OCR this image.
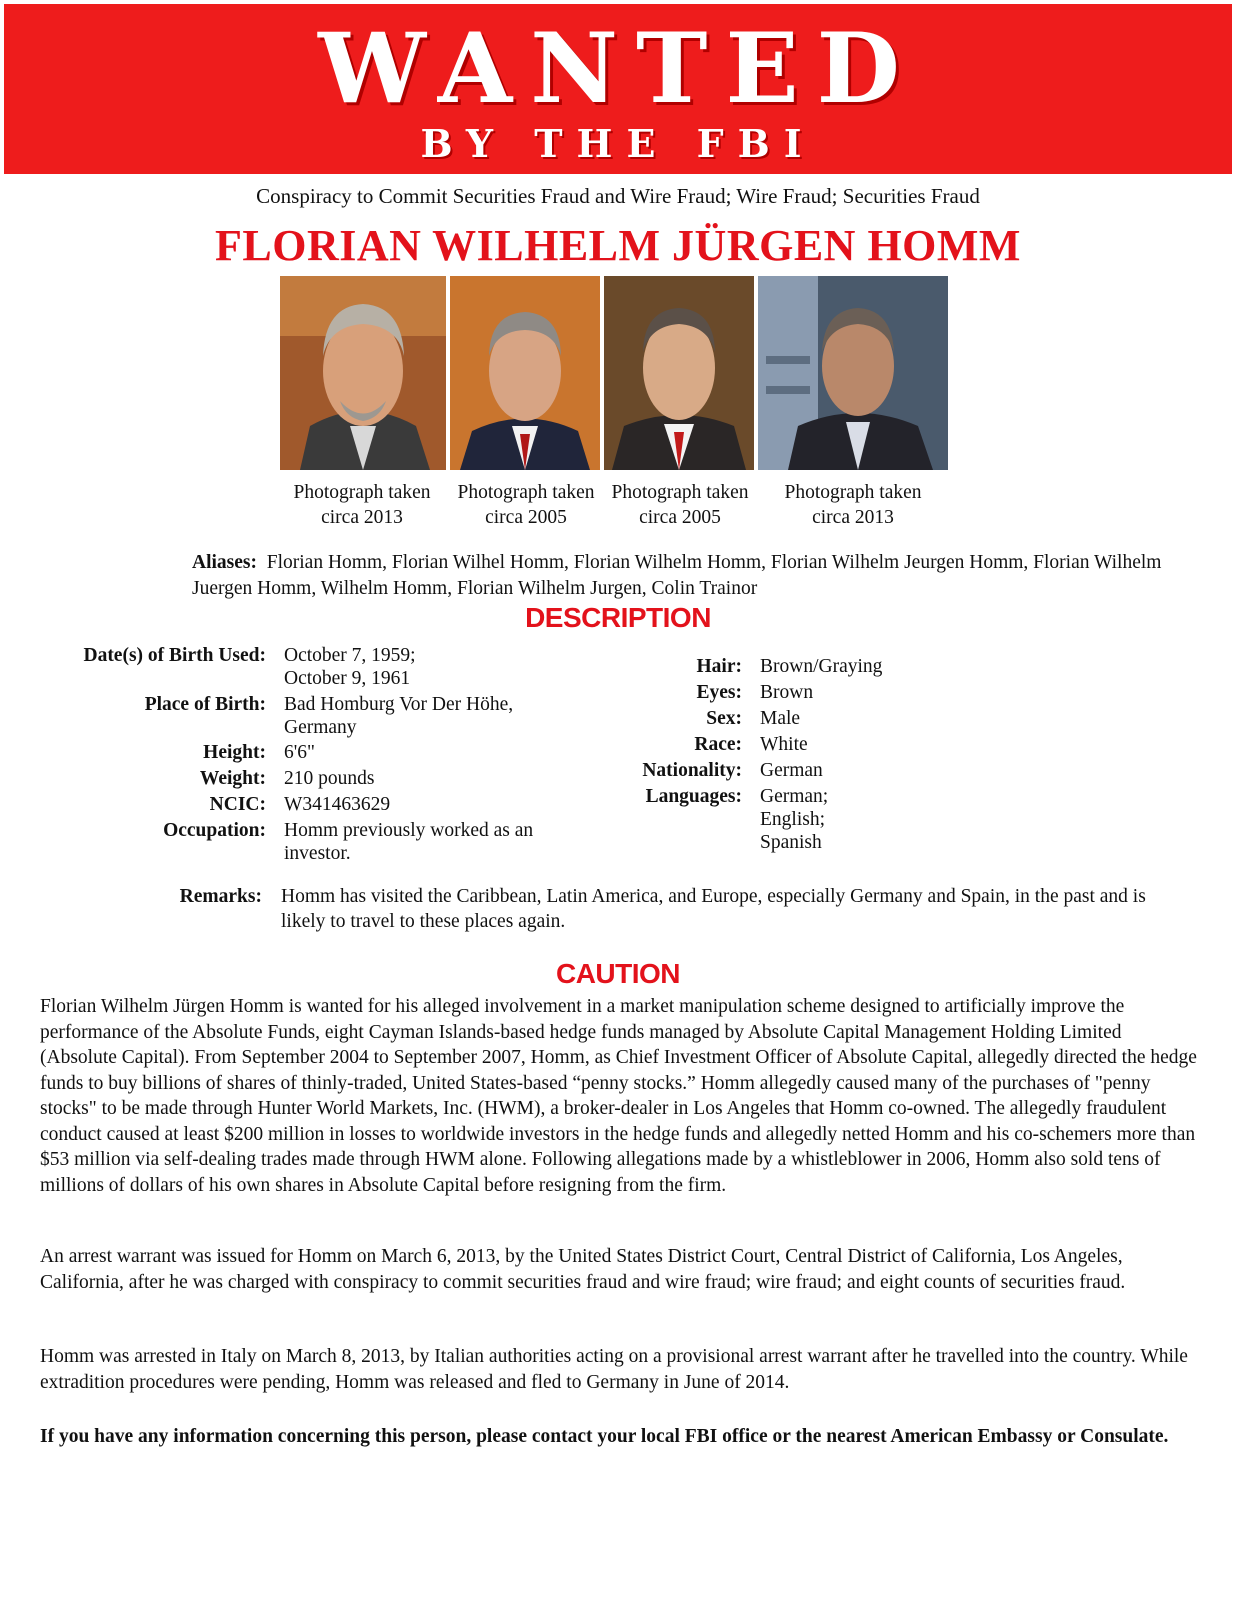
WANTED
BY THE FBI
Conspiracy to Commit Securities Fraud and Wire Fraud; Wire Fraud; Securities Fraud
FLORIAN WILHELM JÜRGEN HOMM
Photograph taken
circa 2013
Photograph taken
circa 2005
Photograph taken
circa 2005
Photograph taken
circa 2013
Aliases: Florian Homm, Florian Wilhel Homm, Florian Wilhelm Homm, Florian Wilhelm Jeurgen Homm, Florian Wilhelm Juergen Homm, Wilhelm Homm, Florian Wilhelm Jurgen, Colin Trainor
DESCRIPTION
Date(s) of Birth Used: October 7, 1959;
October 9, 1961
Place of Birth: Bad Homburg Vor Der Höhe,
Germany
Height: 6'6"
Weight: 210 pounds
NCIC: W341463629
Occupation: Homm previously worked as an
investor.
Hair: Brown/Graying
Eyes: Brown
Sex: Male
Race: White
Nationality: German
Languages: German;
English;
Spanish
Remarks: Homm has visited the Caribbean, Latin America, and Europe, especially Germany and Spain, in the past and is likely to travel to these places again.
CAUTION
Florian Wilhelm Jürgen Homm is wanted for his alleged involvement in a market manipulation scheme designed to artificially improve the performance of the Absolute Funds, eight Cayman Islands-based hedge funds managed by Absolute Capital Management Holding Limited (Absolute Capital). From September 2004 to September 2007, Homm, as Chief Investment Officer of Absolute Capital, allegedly directed the hedge funds to buy billions of shares of thinly-traded, United States-based “penny stocks.” Homm allegedly caused many of the purchases of "penny stocks" to be made through Hunter World Markets, Inc. (HWM), a broker-dealer in Los Angeles that Homm co-owned. The allegedly fraudulent conduct caused at least $200 million in losses to worldwide investors in the hedge funds and allegedly netted Homm and his co-schemers more than $53 million via self-dealing trades made through HWM alone. Following allegations made by a whistleblower in 2006, Homm also sold tens of millions of dollars of his own shares in Absolute Capital before resigning from the firm.
An arrest warrant was issued for Homm on March 6, 2013, by the United States District Court, Central District of California, Los Angeles, California, after he was charged with conspiracy to commit securities fraud and wire fraud; wire fraud; and eight counts of securities fraud.
Homm was arrested in Italy on March 8, 2013, by Italian authorities acting on a provisional arrest warrant after he travelled into the country. While extradition procedures were pending, Homm was released and fled to Germany in June of 2014.
If you have any information concerning this person, please contact your local FBI office or the nearest American Embassy or Consulate.
